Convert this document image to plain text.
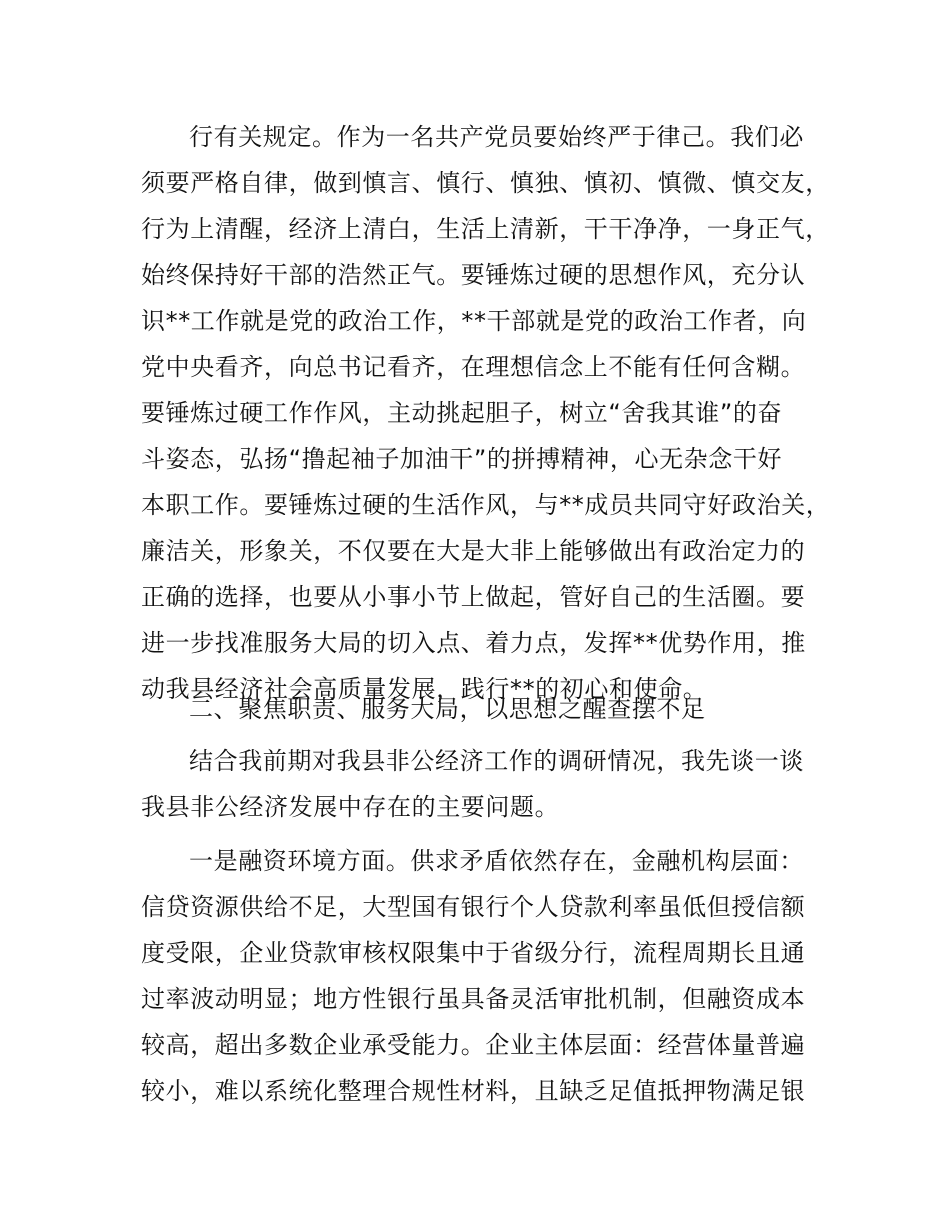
行有关规定。作为一名共产党员要始终严于律己。我们必
须要严格自律，做到慎言、慎行、慎独、慎初、慎微、慎交友，
行为上清醒，经济上清白，生活上清新，干干净净，一身正气，
始终保持好干部的浩然正气。要锤炼过硬的思想作风，充分认
识**工作就是党的政治工作，**干部就是党的政治工作者，向
党中央看齐，向总书记看齐，在理想信念上不能有任何含糊。
要锤炼过硬工作作风，主动挑起胆子，树立“舍我其谁”的奋
斗姿态，弘扬“撸起袖子加油干”的拼搏精神，心无杂念干好
本职工作。要锤炼过硬的生活作风，与**成员共同守好政治关，
廉洁关，形象关，不仅要在大是大非上能够做出有政治定力的
正确的选择，也要从小事小节上做起，管好自己的生活圈。要
进一步找准服务大局的切入点、着力点，发挥**优势作用，推
动我县经济社会高质量发展，践行**的初心和使命。
二、聚焦职责、服务大局，以思想之醒查摆不足
结合我前期对我县非公经济工作的调研情况，我先谈一谈
我县非公经济发展中存在的主要问题。
一是融资环境方面。供求矛盾依然存在，金融机构层面：
信贷资源供给不足，大型国有银行个人贷款利率虽低但授信额
度受限，企业贷款审核权限集中于省级分行，流程周期长且通
过率波动明显；地方性银行虽具备灵活审批机制，但融资成本
较高，超出多数企业承受能力。企业主体层面：经营体量普遍
较小，难以系统化整理合规性材料，且缺乏足值抵押物满足银
